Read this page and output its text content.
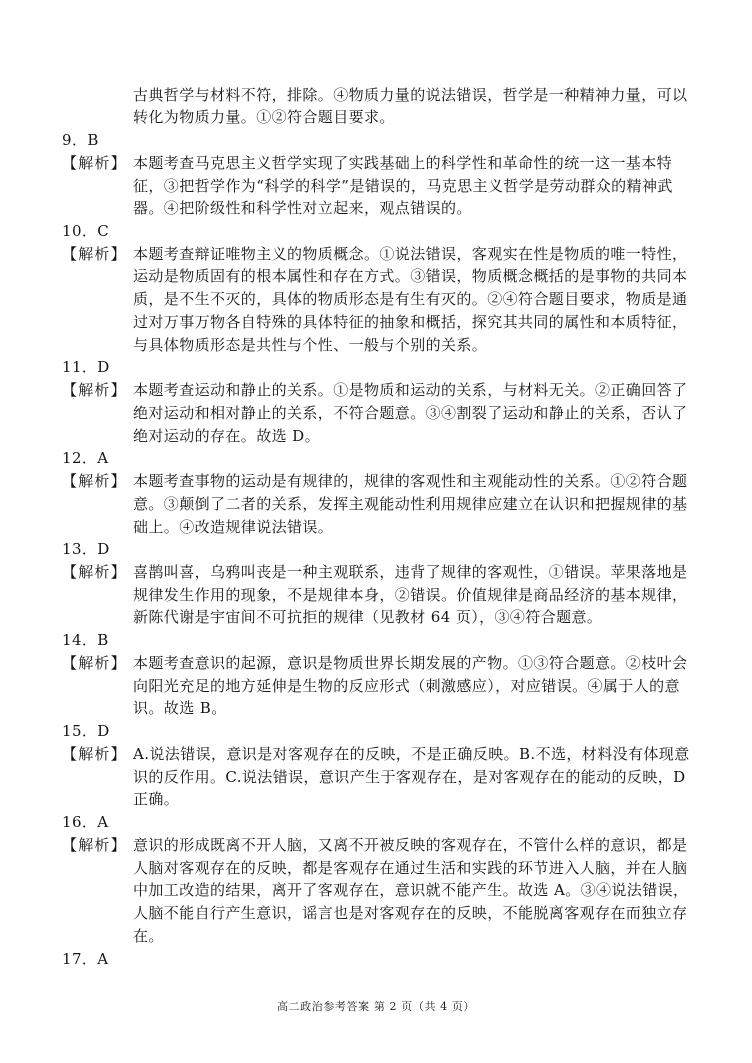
古典哲学与材料不符，排除。④物质力量的说法错误，哲学是一种精神力量，可以
转化为物质力量。①②符合题目要求。
9．B
【解析】 本题考查马克思主义哲学实现了实践基础上的科学性和革命性的统一这一基本特
征，③把哲学作为“科学的科学”是错误的，马克思主义哲学是劳动群众的精神武
器。④把阶级性和科学性对立起来，观点错误的。
10．C
【解析】 本题考查辩证唯物主义的物质概念。①说法错误，客观实在性是物质的唯一特性，
运动是物质固有的根本属性和存在方式。③错误，物质概念概括的是事物的共同本
质，是不生不灭的，具体的物质形态是有生有灭的。②④符合题目要求，物质是通
过对万事万物各自特殊的具体特征的抽象和概括，探究其共同的属性和本质特征，
与具体物质形态是共性与个性、一般与个别的关系。
11．D
【解析】 本题考查运动和静止的关系。①是物质和运动的关系，与材料无关。②正确回答了
绝对运动和相对静止的关系，不符合题意。③④割裂了运动和静止的关系，否认了
绝对运动的存在。故选 D。
12．A
【解析】 本题考查事物的运动是有规律的，规律的客观性和主观能动性的关系。①②符合题
意。③颠倒了二者的关系，发挥主观能动性利用规律应建立在认识和把握规律的基
础上。④改造规律说法错误。
13．D
【解析】 喜鹊叫喜，乌鸦叫丧是一种主观联系，违背了规律的客观性，①错误。苹果落地是
规律发生作用的现象，不是规律本身，②错误。价值规律是商品经济的基本规律，
新陈代谢是宇宙间不可抗拒的规律（见教材 64 页），③④符合题意。
14．B
【解析】 本题考查意识的起源，意识是物质世界长期发展的产物。①③符合题意。②枝叶会
向阳光充足的地方延伸是生物的反应形式（刺激感应），对应错误。④属于人的意
识。故选 B。
15．D
【解析】 A.说法错误，意识是对客观存在的反映，不是正确反映。B.不选，材料没有体现意
识的反作用。C.说法错误，意识产生于客观存在，是对客观存在的能动的反映，D
正确。
16．A
【解析】 意识的形成既离不开人脑，又离不开被反映的客观存在，不管什么样的意识，都是
人脑对客观存在的反映，都是客观存在通过生活和实践的环节进入人脑，并在人脑
中加工改造的结果，离开了客观存在，意识就不能产生。故选 A。③④说法错误，
人脑不能自行产生意识，谣言也是对客观存在的反映，不能脱离客观存在而独立存
在。
17．A
高二政治参考答案 第 2 页（共 4 页）
